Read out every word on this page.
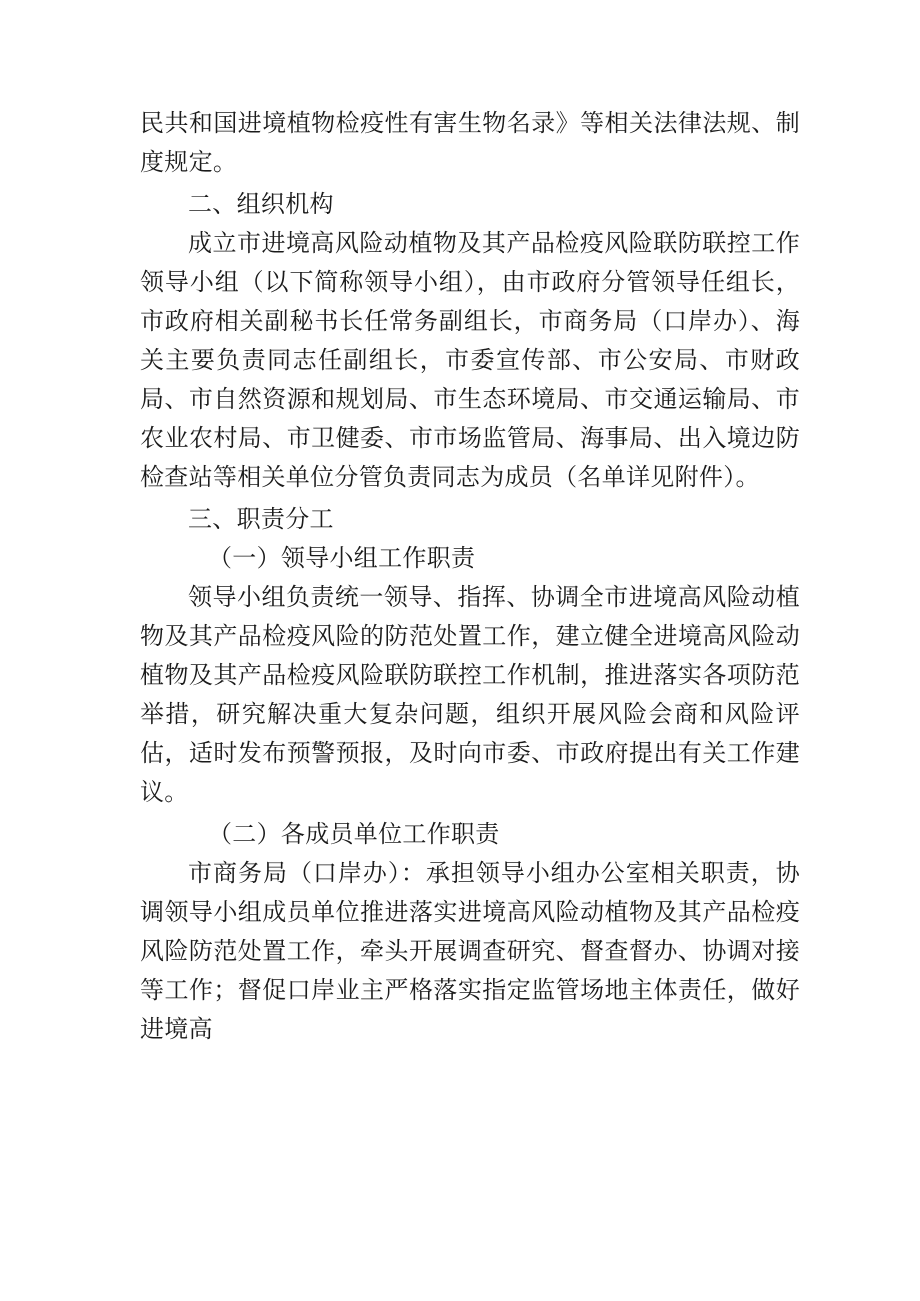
民共和国进境植物检疫性有害生物名录》等相关法律法规、制度规定。

二、组织机构

成立市进境高风险动植物及其产品检疫风险联防联控工作领导小组（以下简称领导小组），由市政府分管领导任组长，市政府相关副秘书长任常务副组长，市商务局（口岸办）、海关主要负责同志任副组长，市委宣传部、市公安局、市财政局、市自然资源和规划局、市生态环境局、市交通运输局、市农业农村局、市卫健委、市市场监管局、海事局、出入境边防检查站等相关单位分管负责同志为成员（名单详见附件）。

三、职责分工

（一）领导小组工作职责

领导小组负责统一领导、指挥、协调全市进境高风险动植物及其产品检疫风险的防范处置工作，建立健全进境高风险动植物及其产品检疫风险联防联控工作机制，推进落实各项防范举措，研究解决重大复杂问题，组织开展风险会商和风险评估，适时发布预警预报，及时向市委、市政府提出有关工作建议。

（二）各成员单位工作职责

市商务局（口岸办）：承担领导小组办公室相关职责，协调领导小组成员单位推进落实进境高风险动植物及其产品检疫风险防范处置工作，牵头开展调查研究、督查督办、协调对接等工作；督促口岸业主严格落实指定监管场地主体责任，做好进境高
